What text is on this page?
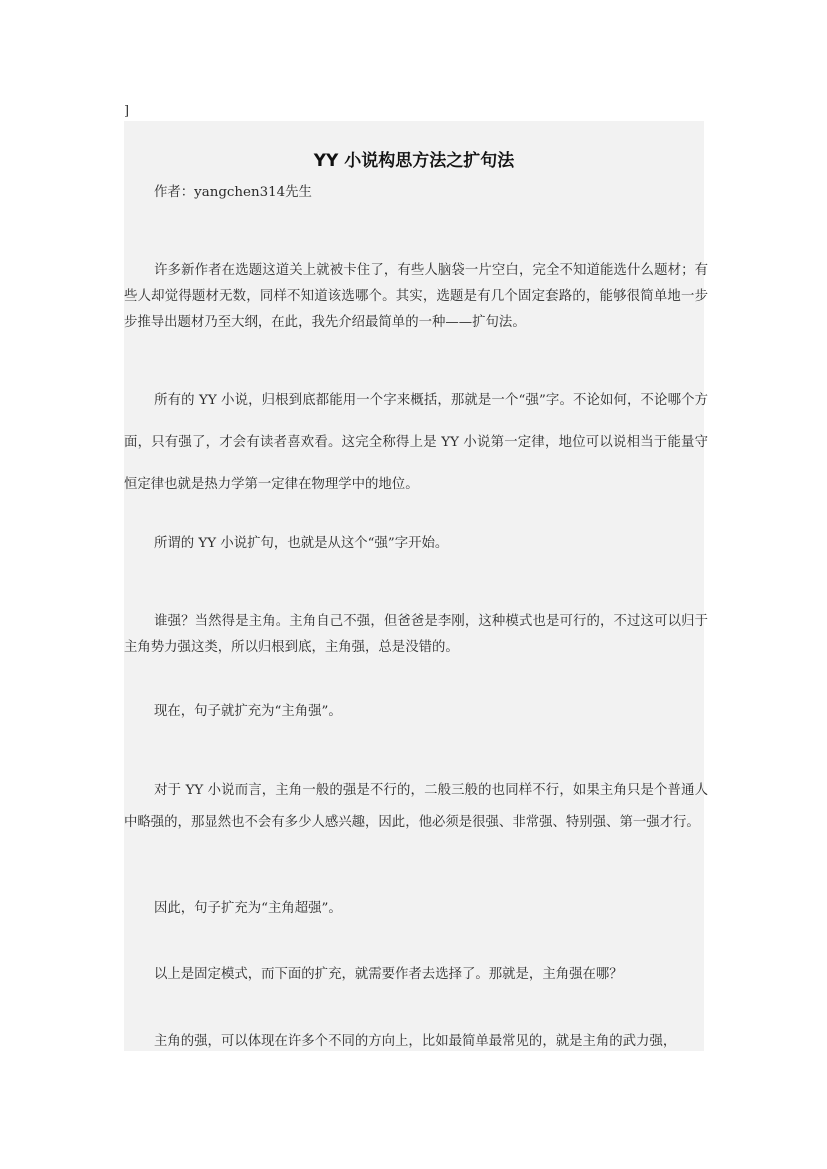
]
YY 小说构思方法之扩句法

作者：yangchen314先生

许多新作者在选题这道关上就被卡住了，有些人脑袋一片空白，完全不知道能选什么题材；有些人却觉得题材无数，同样不知道该选哪个。其实，选题是有几个固定套路的，能够很简单地一步步推导出题材乃至大纲，在此，我先介绍最简单的一种——扩句法。

所有的 YY 小说，归根到底都能用一个字来概括，那就是一个“强”字。不论如何，不论哪个方面，只有强了，才会有读者喜欢看。这完全称得上是 YY 小说第一定律，地位可以说相当于能量守恒定律也就是热力学第一定律在物理学中的地位。

所谓的 YY 小说扩句，也就是从这个“强”字开始。

谁强？当然得是主角。主角自己不强，但爸爸是李刚，这种模式也是可行的，不过这可以归于主角势力强这类，所以归根到底，主角强，总是没错的。

现在，句子就扩充为“主角强”。

对于 YY 小说而言，主角一般的强是不行的，二般三般的也同样不行，如果主角只是个普通人中略强的，那显然也不会有多少人感兴趣，因此，他必须是很强、非常强、特别强、第一强才行。

因此，句子扩充为“主角超强”。

以上是固定模式，而下面的扩充，就需要作者去选择了。那就是，主角强在哪？

主角的强，可以体现在许多个不同的方向上，比如最简单最常见的，就是主角的武力强，
